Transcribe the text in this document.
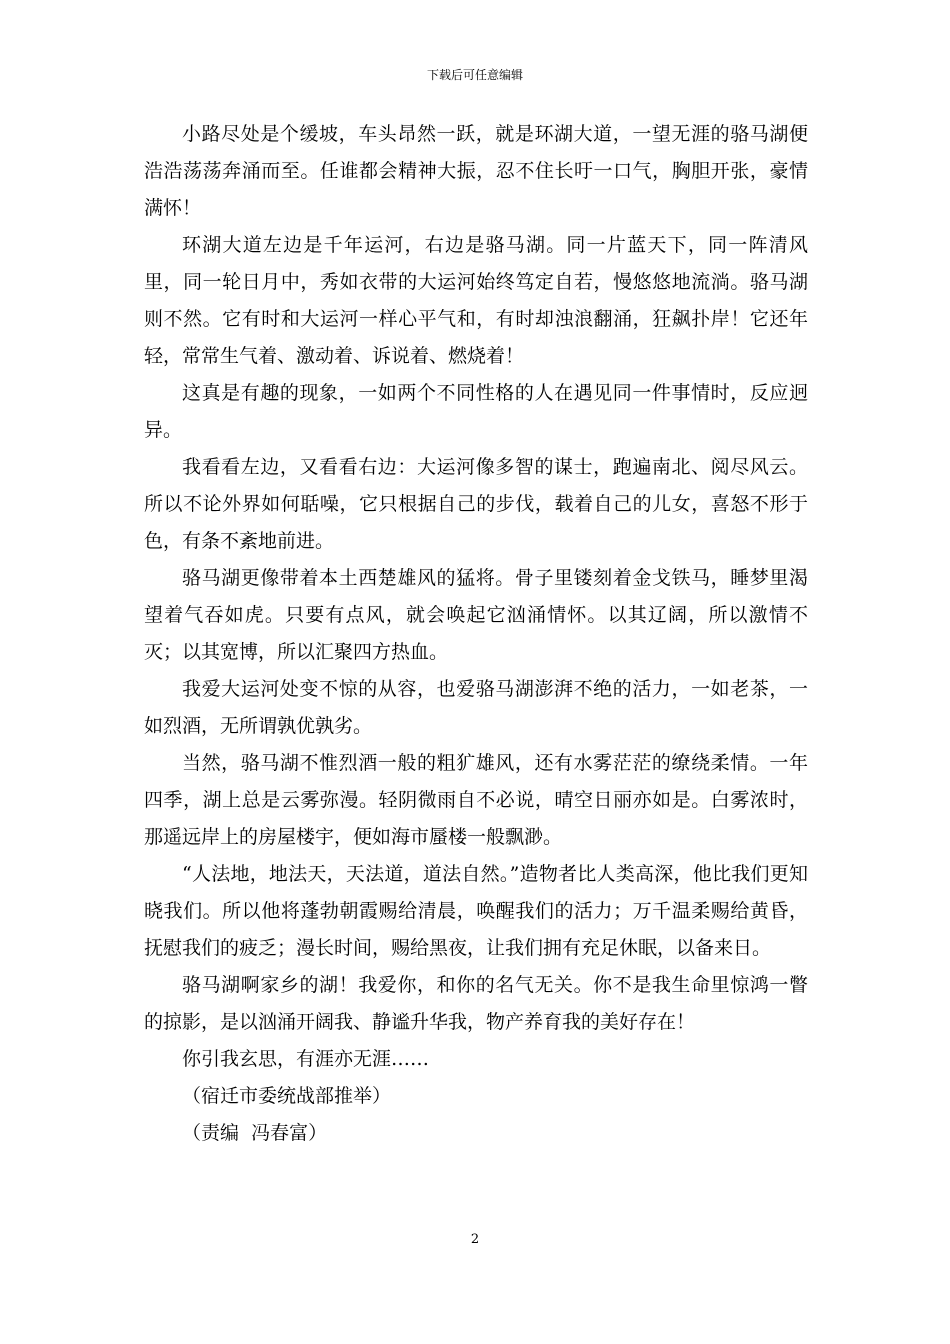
下载后可任意编辑

小路尽处是个缓坡，车头昂然一跃，就是环湖大道，一望无涯的骆马湖便浩浩荡荡奔涌而至。任谁都会精神大振，忍不住长吁一口气，胸胆开张，豪情满怀！

环湖大道左边是千年运河，右边是骆马湖。同一片蓝天下，同一阵清风里，同一轮日月中，秀如衣带的大运河始终笃定自若，慢悠悠地流淌。骆马湖则不然。它有时和大运河一样心平气和，有时却浊浪翻涌，狂飙扑岸！它还年轻，常常生气着、激动着、诉说着、燃烧着！

这真是有趣的现象，一如两个不同性格的人在遇见同一件事情时，反应迥异。

我看看左边，又看看右边：大运河像多智的谋士，跑遍南北、阅尽风云。所以不论外界如何聒噪，它只根据自己的步伐，载着自己的儿女，喜怒不形于色，有条不紊地前进。

骆马湖更像带着本土西楚雄风的猛将。骨子里镂刻着金戈铁马，睡梦里渴望着气吞如虎。只要有点风，就会唤起它汹涌情怀。以其辽阔，所以激情不灭；以其宽博，所以汇聚四方热血。

我爱大运河处变不惊的从容，也爱骆马湖澎湃不绝的活力，一如老茶，一如烈酒，无所谓孰优孰劣。

当然，骆马湖不惟烈酒一般的粗犷雄风，还有水雾茫茫的缭绕柔情。一年四季，湖上总是云雾弥漫。轻阴微雨自不必说，晴空日丽亦如是。白雾浓时，那遥远岸上的房屋楼宇，便如海市蜃楼一般飘渺。

“人法地，地法天，天法道，道法自然。”造物者比人类高深，他比我们更知晓我们。所以他将蓬勃朝霞赐给清晨，唤醒我们的活力；万千温柔赐给黄昏，抚慰我们的疲乏；漫长时间，赐给黑夜，让我们拥有充足休眠，以备来日。

骆马湖啊家乡的湖！我爱你，和你的名气无关。你不是我生命里惊鸿一瞥的掠影，是以汹涌开阔我、静谧升华我，物产养育我的美好存在！

你引我玄思，有涯亦无涯……

（宿迁市委统战部推举）

（责编  冯春富）

2
